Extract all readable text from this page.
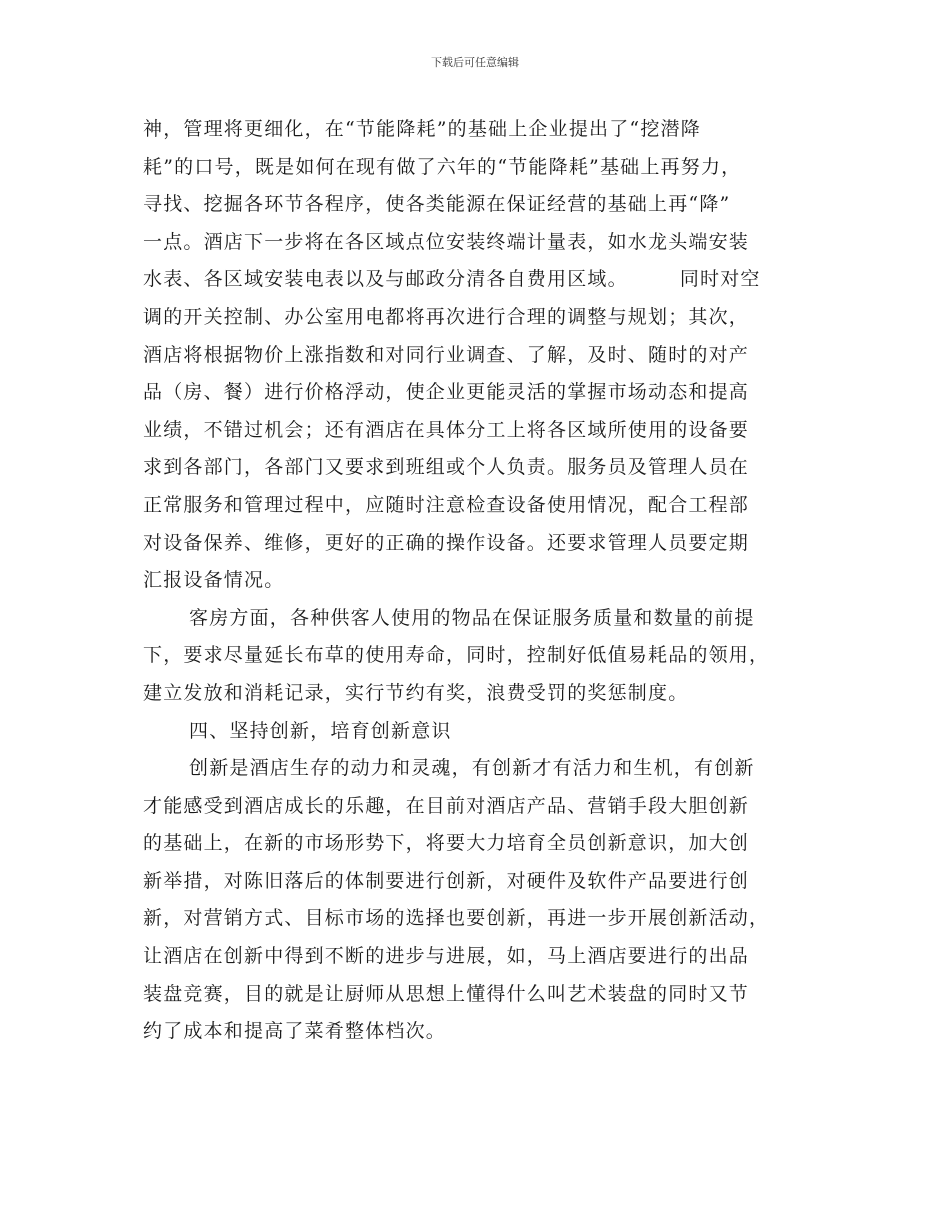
下载后可任意编辑
神，管理将更细化，在“节能降耗”的基础上企业提出了“挖潜降
耗”的口号，既是如何在现有做了六年的“节能降耗”基础上再努力，
寻找、挖掘各环节各程序，使各类能源在保证经营的基础上再“降”
一点。酒店下一步将在各区域点位安装终端计量表，如水龙头端安装
水表、各区域安装电表以及与邮政分清各自费用区域。	同时对空
调的开关控制、办公室用电都将再次进行合理的调整与规划；其次，
酒店将根据物价上涨指数和对同行业调查、了解，及时、随时的对产
品（房、餐）进行价格浮动，使企业更能灵活的掌握市场动态和提高
业绩，不错过机会；还有酒店在具体分工上将各区域所使用的设备要
求到各部门，各部门又要求到班组或个人负责。服务员及管理人员在
正常服务和管理过程中，应随时注意检查设备使用情况，配合工程部
对设备保养、维修，更好的正确的操作设备。还要求管理人员要定期
汇报设备情况。
客房方面，各种供客人使用的物品在保证服务质量和数量的前提
下，要求尽量延长布草的使用寿命，同时，控制好低值易耗品的领用，
建立发放和消耗记录，实行节约有奖，浪费受罚的奖惩制度。
四、坚持创新，培育创新意识
创新是酒店生存的动力和灵魂，有创新才有活力和生机，有创新
才能感受到酒店成长的乐趣，在目前对酒店产品、营销手段大胆创新
的基础上，在新的市场形势下，将要大力培育全员创新意识，加大创
新举措，对陈旧落后的体制要进行创新，对硬件及软件产品要进行创
新，对营销方式、目标市场的选择也要创新，再进一步开展创新活动，
让酒店在创新中得到不断的进步与进展，如，马上酒店要进行的出品
装盘竞赛，目的就是让厨师从思想上懂得什么叫艺术装盘的同时又节
约了成本和提高了菜肴整体档次。
